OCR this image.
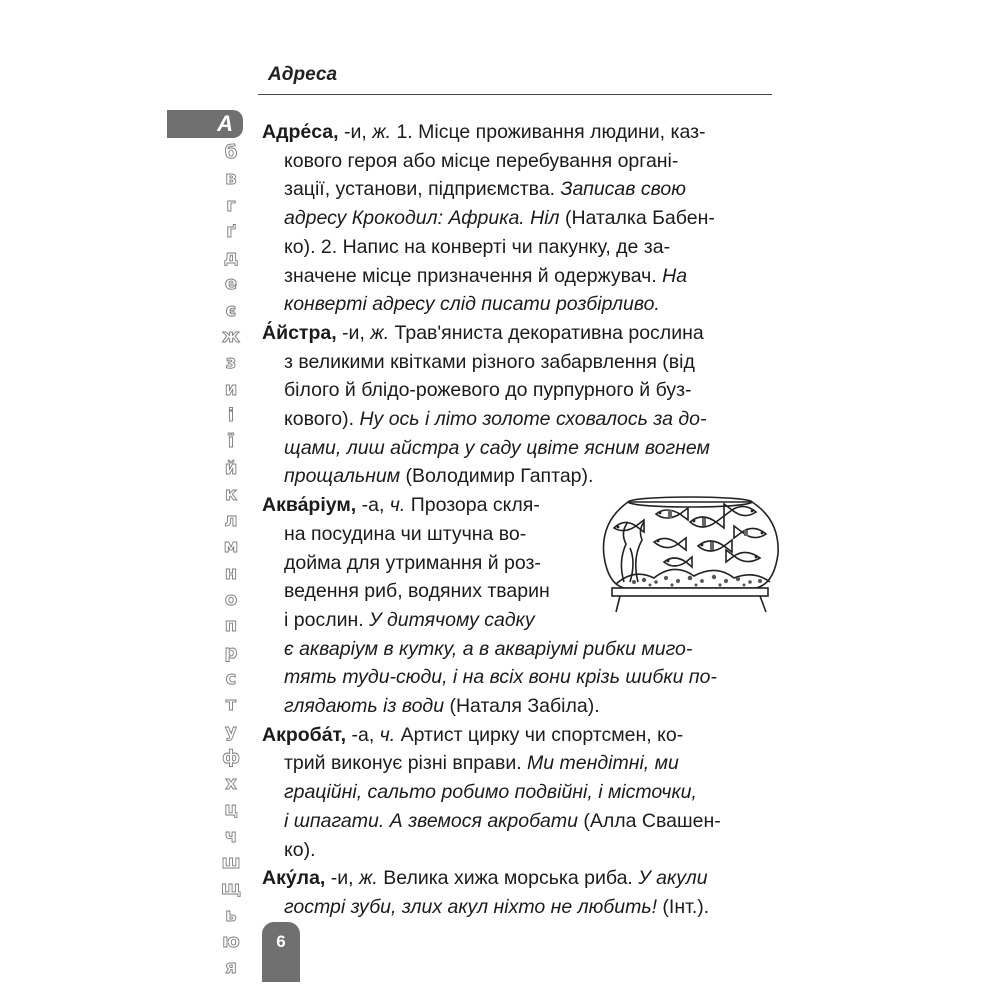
Адреса
А
б
в
г
ґ
д
е
є
ж
з
и
і
ї
й
к
л
м
н
о
п
р
с
т
у
ф
х
ц
ч
ш
щ
ь
ю
я
Адре́са, -и, ж. 1. Місце проживання людини, каз-
кового героя або місце перебування органі-
зації, установи, підприємства. Записав свою
адресу Крокодил: Африка. Ніл (Наталка Бабен-
ко). 2. Напис на конверті чи пакунку, де за-
значене місце призначення й одержувач. На
конверті адресу слід писати розбірливо.
А́йстра, -и, ж. Трав'яниста декоративна рослина
з великими квітками різного забарвлення (від
білого й блідо-рожевого до пурпурного й буз-
кового). Ну ось і літо золоте сховалось за до-
щами, лиш айстра у саду цвіте ясним вогнем
прощальним (Володимир Гаптар).
Аква́ріум, -а, ч. Прозора скля-
на посудина чи штучна во-
дойма для утримання й роз-
ведення риб, водяних тварин
і рослин. У дитячому садку
є акваріум в кутку, а в акваріумі рибки миго-
тять туди-сюди, і на всіх вони крізь шибки по-
глядають із води (Наталя Забіла).
Акроба́т, -а, ч. Артист цирку чи спортсмен, ко-
трий виконує різні вправи. Ми тендітні, ми
граційні, сальто робимо подвійні, і місточки,
і шпагати. А звемося акробати (Алла Свашен-
ко).
Аку́ла, -и, ж. Велика хижа морська риба. У акули
гострі зуби, злих акул ніхто не любить! (Інт.).
6
